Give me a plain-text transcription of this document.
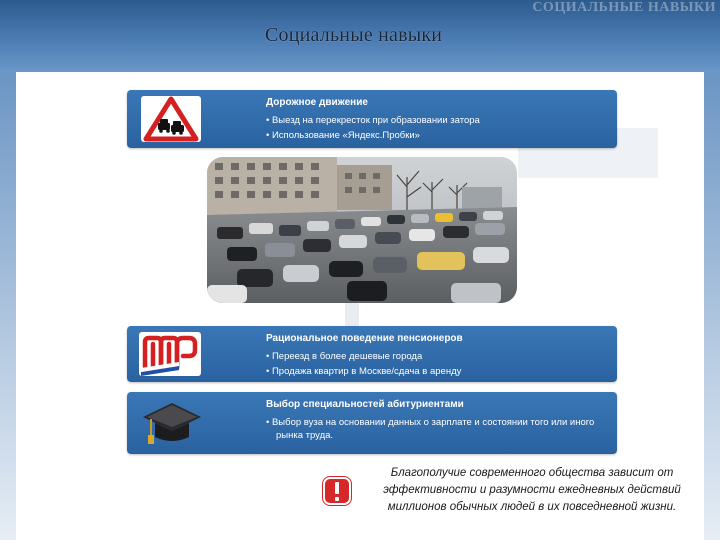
СОЦИАЛЬНЫЕ НАВЫКИ
Социальные навыки
Дорожное движение
• Выезд на перекресток при образовании затора
• Использование «Яндекс.Пробки»
Рациональное поведение пенсионеров
• Переезд в более дешевые города
• Продажа квартир в Москве/сдача в аренду
Выбор специальностей абитуриентами
• Выбор вуза на основании данных о зарплате и состоянии того или иного рынка труда.
Благополучие современного общества зависит от эффективности и разумности ежедневных действий миллионов обычных людей в их повседневной жизни.
